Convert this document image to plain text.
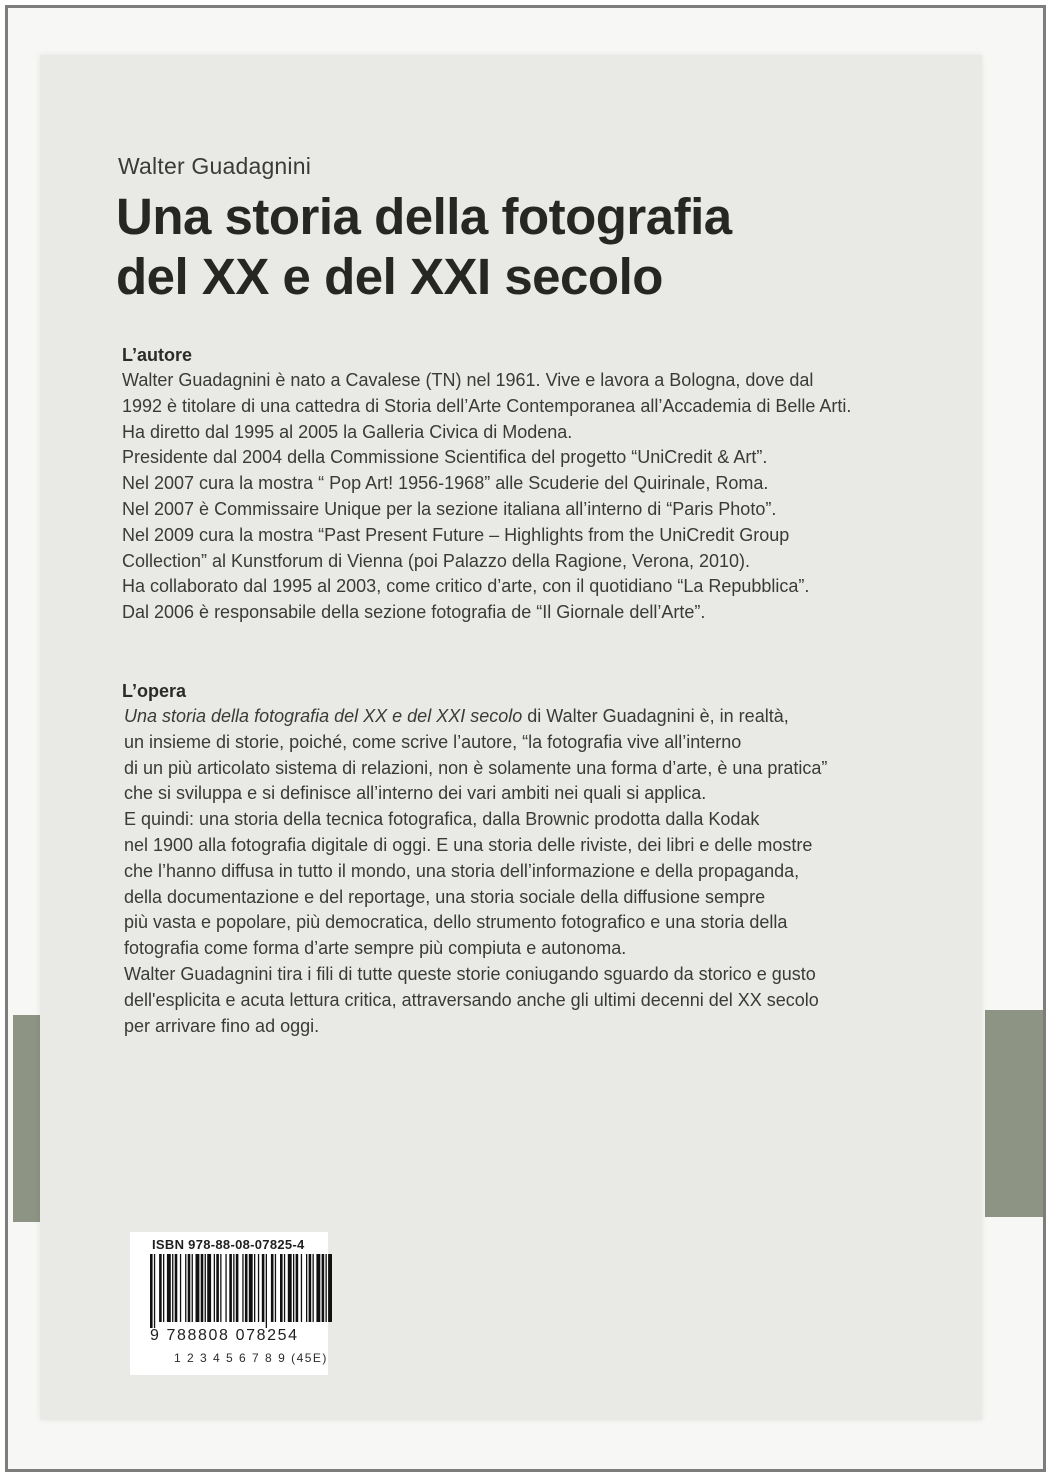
Walter Guadagnini
Una storia della fotografia
del XX e del XXI secolo
L’autore
Walter Guadagnini è nato a Cavalese (TN) nel 1961. Vive e lavora a Bologna, dove dal
1992 è titolare di una cattedra di Storia dell’Arte Contemporanea all’Accademia di Belle Arti.
Ha diretto dal 1995 al 2005 la Galleria Civica di Modena.
Presidente dal 2004 della Commissione Scientifica del progetto “UniCredit & Art”.
Nel 2007 cura la mostra “ Pop Art! 1956-1968” alle Scuderie del Quirinale, Roma.
Nel 2007 è Commissaire Unique per la sezione italiana all’interno di “Paris Photo”.
Nel 2009 cura la mostra “Past Present Future – Highlights from the UniCredit Group
Collection” al Kunstforum di Vienna (poi Palazzo della Ragione, Verona, 2010).
Ha collaborato dal 1995 al 2003, come critico d’arte, con il quotidiano “La Repubblica”.
Dal 2006 è responsabile della sezione fotografia de “Il Giornale dell’Arte”.
L’opera
Una storia della fotografia del XX e del XXI secolo di Walter Guadagnini è, in realtà,
un insieme di storie, poiché, come scrive l’autore, “la fotografia vive all’interno
di un più articolato sistema di relazioni, non è solamente una forma d’arte, è una pratica”
che si sviluppa e si definisce all’interno dei vari ambiti nei quali si applica.
E quindi: una storia della tecnica fotografica, dalla Brownic prodotta dalla Kodak
nel 1900 alla fotografia digitale di oggi. E una storia delle riviste, dei libri e delle mostre
che l’hanno diffusa in tutto il mondo, una storia dell’informazione e della propaganda,
della documentazione e del reportage, una storia sociale della diffusione sempre
più vasta e popolare, più democratica, dello strumento fotografico e una storia della
fotografia come forma d’arte sempre più compiuta e autonoma.
Walter Guadagnini tira i fili di tutte queste storie coniugando sguardo da storico e gusto
dell'esplicita e acuta lettura critica, attraversando anche gli ultimi decenni del XX secolo
per arrivare fino ad oggi.
ISBN 978-88-08-07825-4
9 788808 078254
1 2 3 4 5 6 7 8 9 (45E)
